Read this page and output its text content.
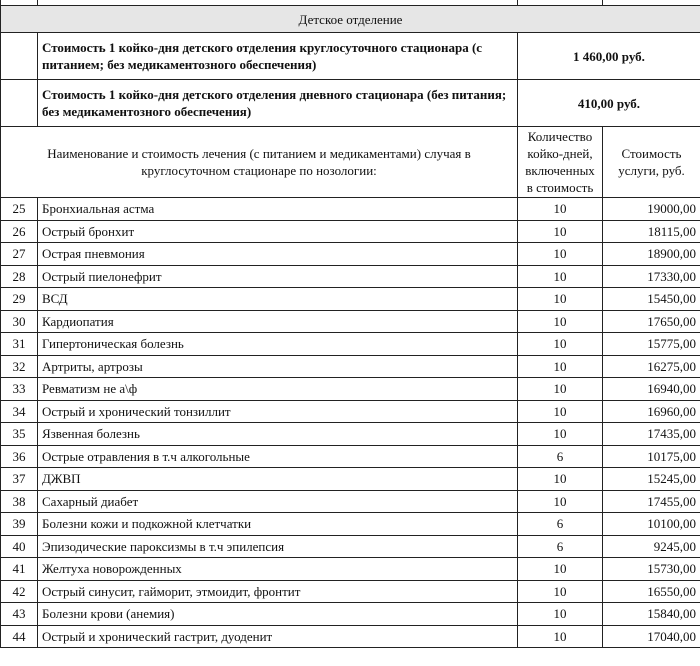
Детское отделение			
	Стоимость 1 койко-дня детского отделения круглосуточного стационара (с питанием; без медикаментозного обеспечения)	1 460,00 руб.	
	Стоимость 1 койко-дня детского отделения дневного стационара (без питания; без медикаментозного обеспечения)	410,00 руб.	
Наименование и стоимость лечения (с питанием и медикаментами) случая в круглосуточном стационаре по нозологии:		Количество койко-дней, включенных в стоимость	Стоимость услуги, руб.
25	Бронхиальная астма	10	19000,00
26	Острый бронхит	10	18115,00
27	Острая пневмония	10	18900,00
28	Острый пиелонефрит	10	17330,00
29	ВСД	10	15450,00
30	Кардиопатия	10	17650,00
31	Гипертоническая болезнь	10	15775,00
32	Артриты, артрозы	10	16275,00
33	Ревматизм не а\ф	10	16940,00
34	Острый и хронический тонзиллит	10	16960,00
35	Язвенная болезнь	10	17435,00
36	Острые отравления в т.ч алкогольные	6	10175,00
37	ДЖВП	10	15245,00
38	Сахарный диабет	10	17455,00
39	Болезни кожи и подкожной клетчатки	6	10100,00
40	Эпизодические пароксизмы в т.ч эпилепсия	6	9245,00
41	Желтуха новорожденных	10	15730,00
42	Острый синусит, гайморит, этмоидит, фронтит	10	16550,00
43	Болезни крови (анемия)	10	15840,00
44	Острый и хронический гастрит, дуоденит	10	17040,00
